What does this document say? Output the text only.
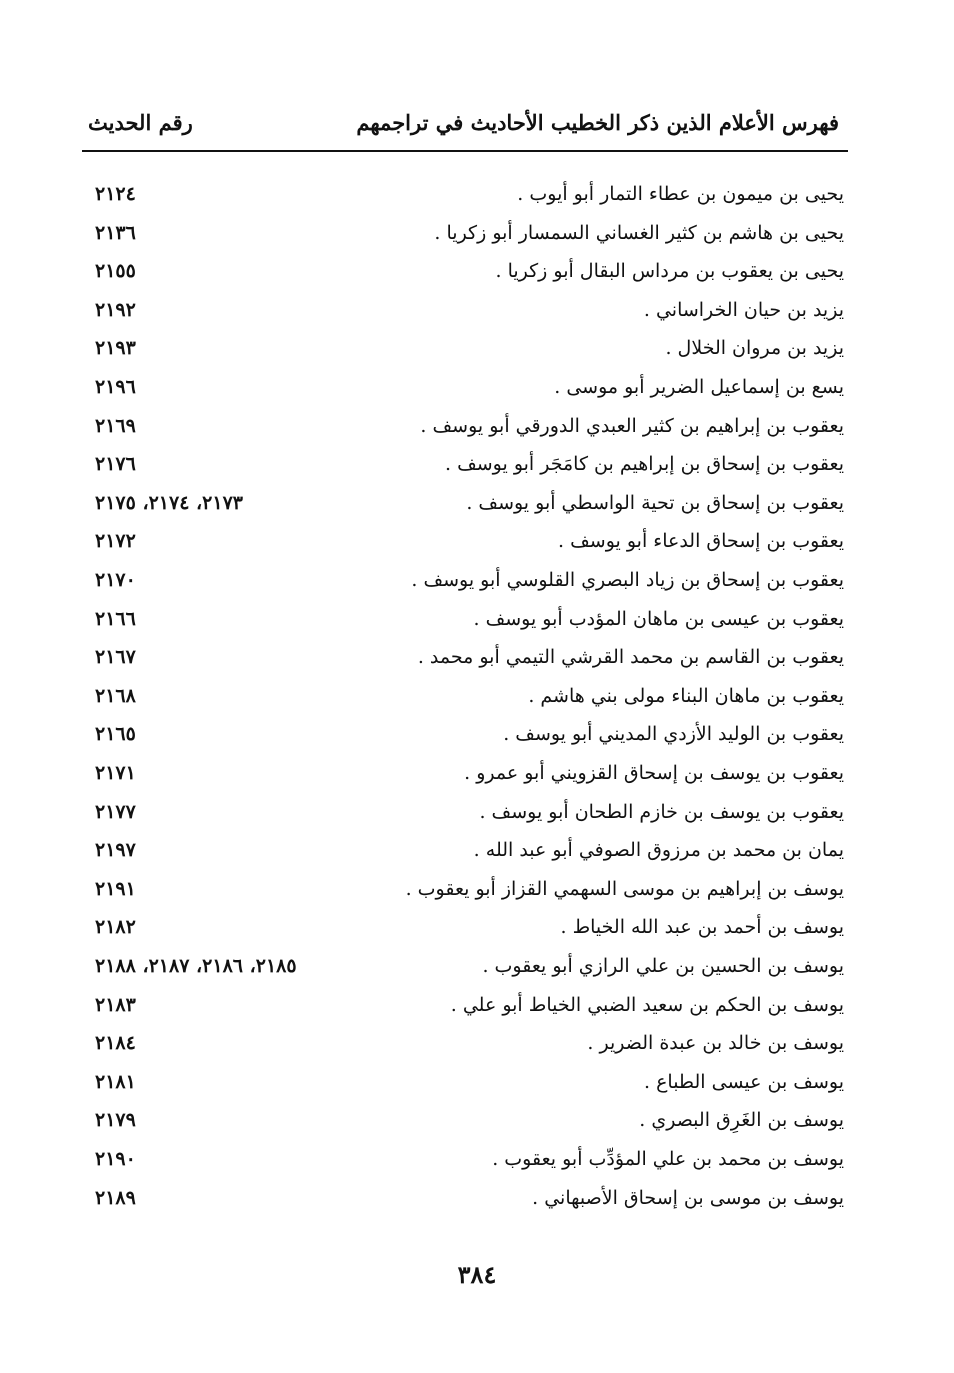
فهرس الأعلام الذين ذكر الخطيب الأحاديث في تراجمهم
رقم الحديث
يحيى بن ميمون بن عطاء التمار أبو أيوب .
٢١٢٤
يحيى بن هاشم بن كثير الغساني السمسار أبو زكريا .
٢١٣٦
يحيى بن يعقوب بن مرداس البقال أبو زكريا .
٢١٥٥
يزيد بن حيان الخراساني .
٢١٩٢
يزيد بن مروان الخلال .
٢١٩٣
يسع بن إسماعيل الضرير أبو موسى .
٢١٩٦
يعقوب بن إبراهيم بن كثير العبدي الدورقي أبو يوسف .
٢١٦٩
يعقوب بن إسحاق بن إبراهيم بن كامَجَر أبو يوسف .
٢١٧٦
يعقوب بن إسحاق بن تحية الواسطي أبو يوسف .
٢١٧٣، ٢١٧٤، ٢١٧٥
يعقوب بن إسحاق الدعاء أبو يوسف .
٢١٧٢
يعقوب بن إسحاق بن زياد البصري القلوسي أبو يوسف .
٢١٧٠
يعقوب بن عيسى بن ماهان المؤدب أبو يوسف .
٢١٦٦
يعقوب بن القاسم بن محمد القرشي التيمي أبو محمد .
٢١٦٧
يعقوب بن ماهان البناء مولى بني هاشم .
٢١٦٨
يعقوب بن الوليد الأزدي المديني أبو يوسف .
٢١٦٥
يعقوب بن يوسف بن إسحاق القزويني أبو عمرو .
٢١٧١
يعقوب بن يوسف بن خازم الطحان أبو يوسف .
٢١٧٧
يمان بن محمد بن مرزوق الصوفي أبو عبد الله .
٢١٩٧
يوسف بن إبراهيم بن موسى السهمي القزاز أبو يعقوب .
٢١٩١
يوسف بن أحمد بن عبد الله الخياط .
٢١٨٢
يوسف بن الحسين بن علي الرازي أبو يعقوب .
٢١٨٥، ٢١٨٦، ٢١٨٧، ٢١٨٨
يوسف بن الحكم بن سعيد الضبي الخياط أبو علي .
٢١٨٣
يوسف بن خالد بن عبدة الضرير .
٢١٨٤
يوسف بن عيسى الطباع .
٢١٨١
يوسف بن الغَرِق البصري .
٢١٧٩
يوسف بن محمد بن علي المؤدِّب أبو يعقوب .
٢١٩٠
يوسف بن موسى بن إسحاق الأصبهاني .
٢١٨٩
٣٨٤
